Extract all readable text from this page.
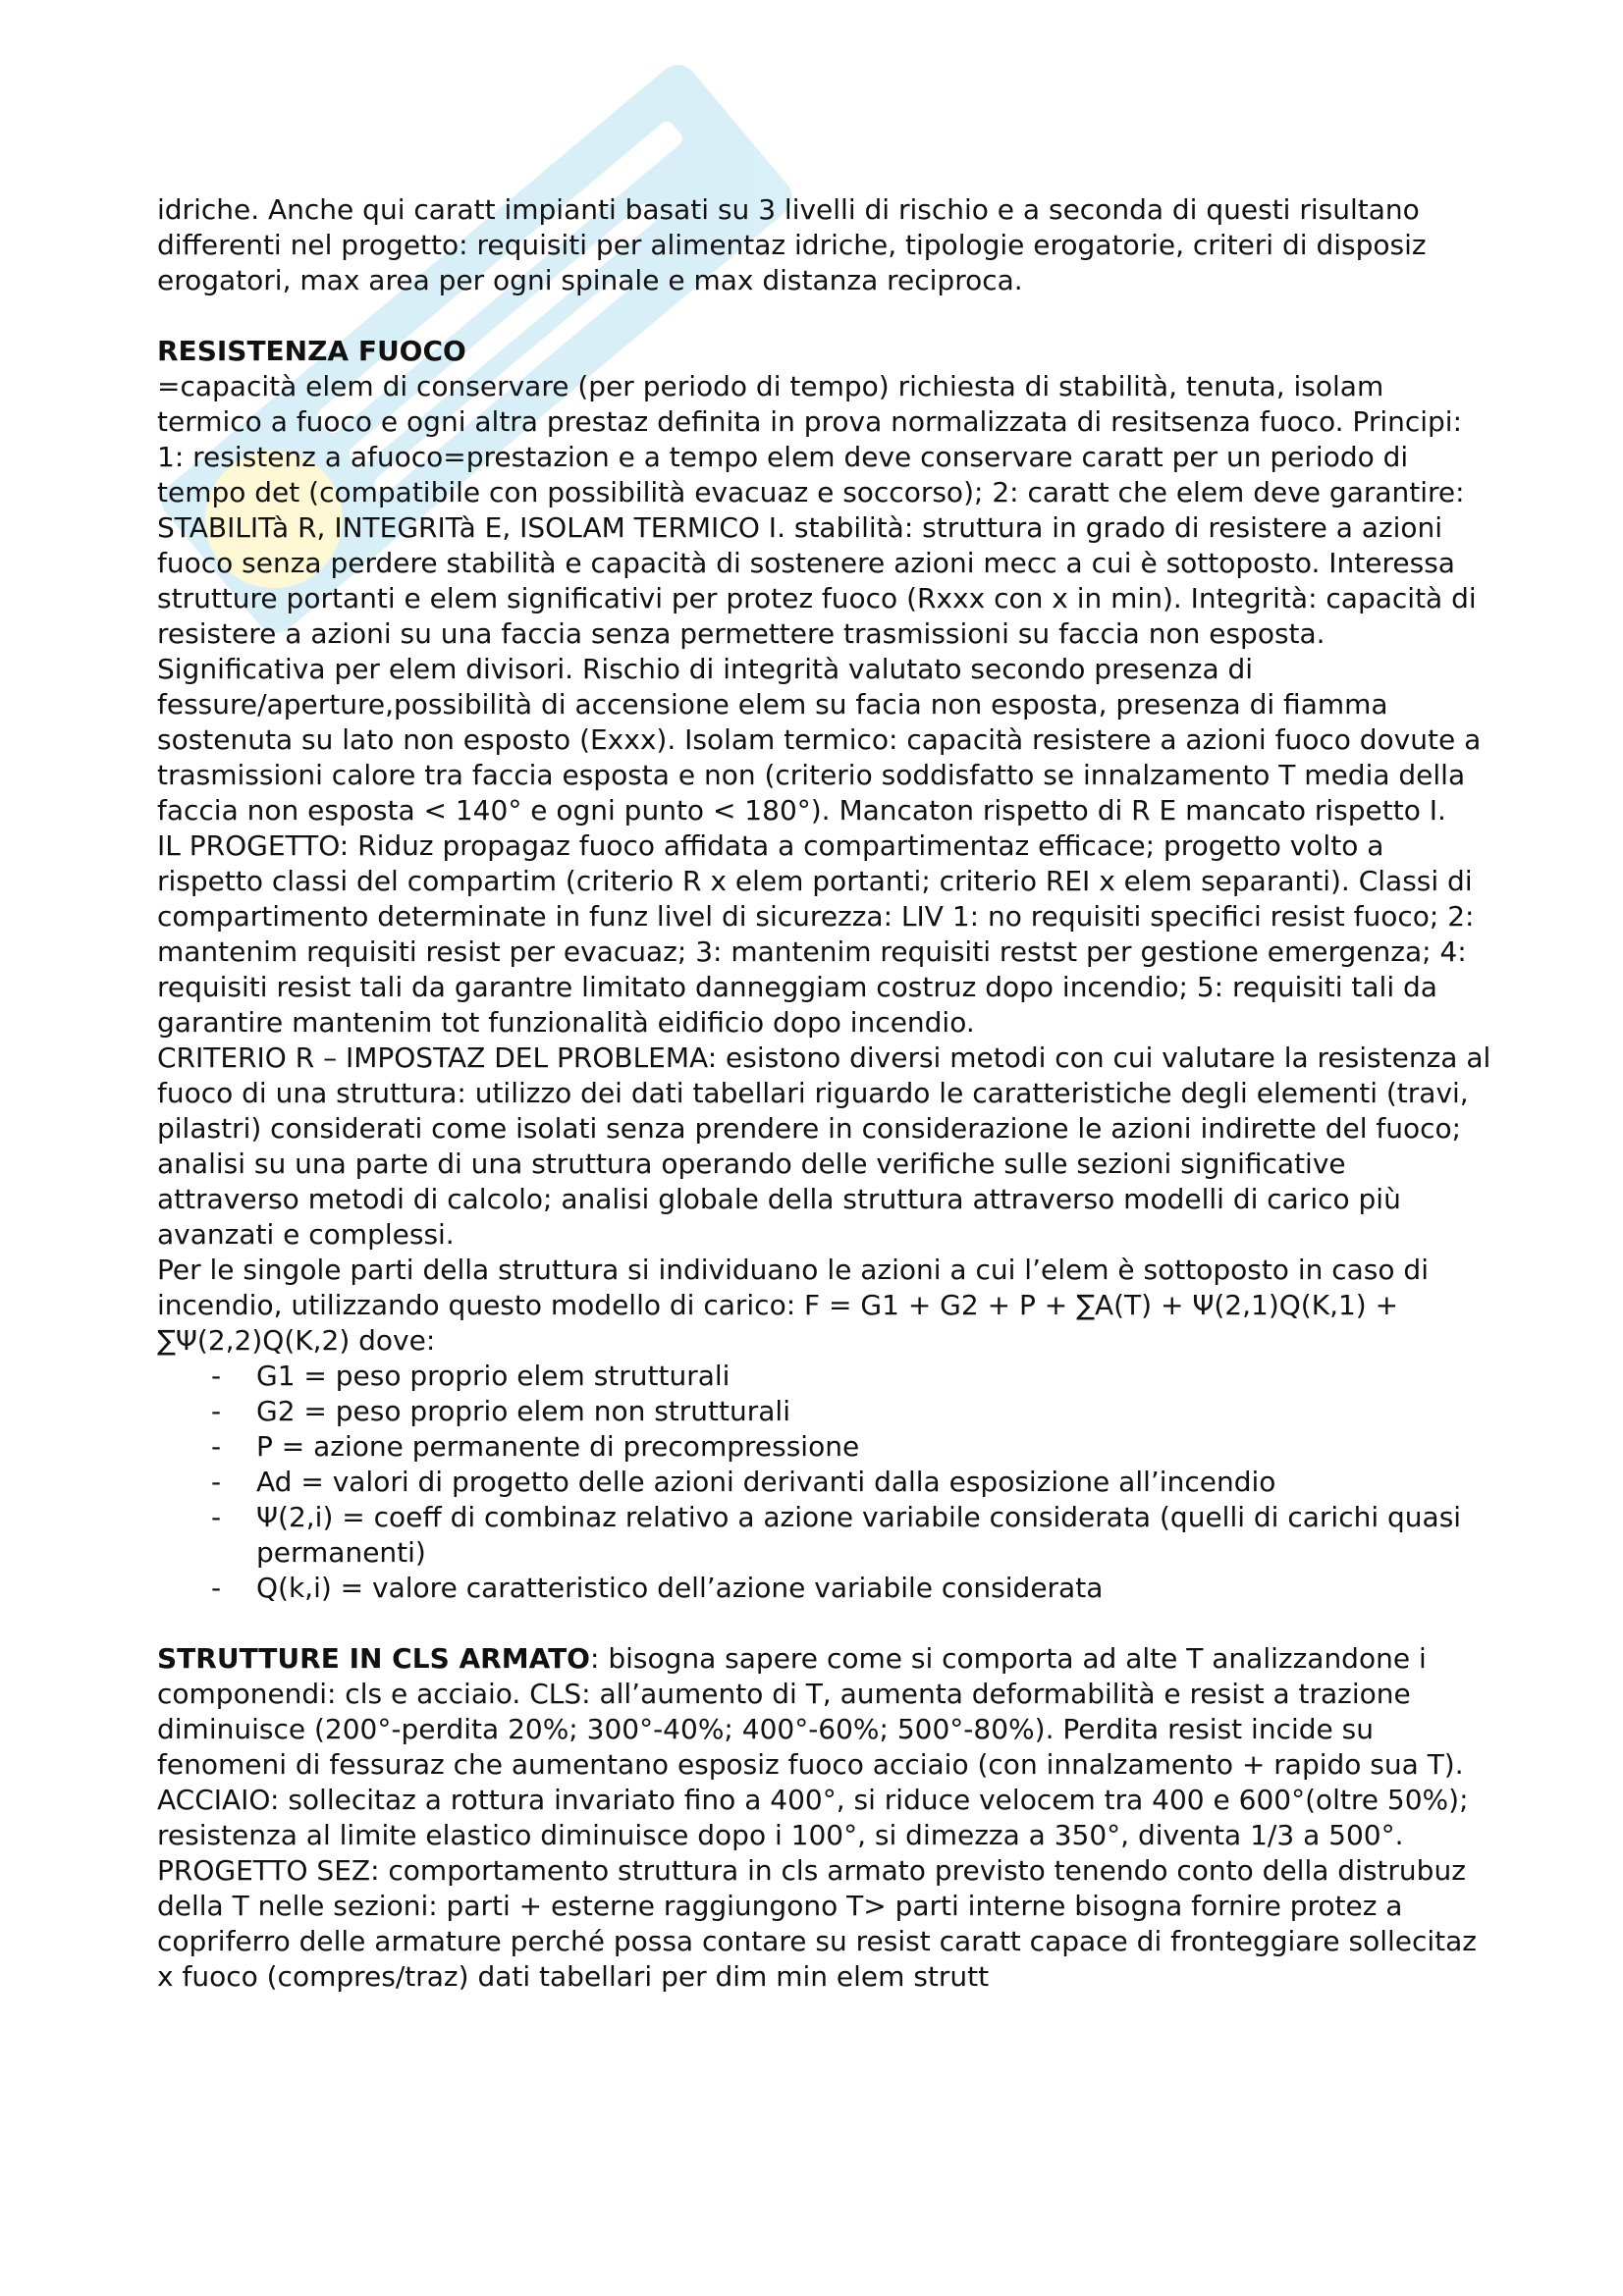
idriche. Anche qui caratt impianti basati su 3 livelli di rischio e a seconda di questi risultano differenti nel progetto: requisiti per alimentaz idriche, tipologie erogatorie, criteri di disposiz erogatori, max area per ogni spinale e max distanza reciproca.

RESISTENZA FUOCO

=capacità elem di conservare (per periodo di tempo) richiesta di stabilità, tenuta, isolam termico a fuoco e ogni altra prestaz definita in prova normalizzata di resitsenza fuoco. Principi: 1: resistenz a afuoco=prestazion e a tempo elem deve conservare caratt per un periodo di tempo det (compatibile con possibilità evacuaz e soccorso); 2: caratt che elem deve garantire: STABILITà R, INTEGRITà E, ISOLAM TERMICO I. stabilità: struttura in grado di resistere a azioni fuoco senza perdere stabilità e capacità di sostenere azioni mecc a cui è sottoposto. Interessa strutture portanti e elem significativi per protez fuoco (Rxxx con x in min). Integrità: capacità di resistere a azioni su una faccia senza permettere trasmissioni su faccia non esposta. Significativa per elem divisori. Rischio di integrità valutato secondo presenza di fessure/aperture,possibilità di accensione elem su facia non esposta, presenza di fiamma sostenuta su lato non esposto (Exxx). Isolam termico: capacità resistere a azioni fuoco dovute a trasmissioni calore tra faccia esposta e non (criterio soddisfatto se innalzamento T media della faccia non esposta < 140° e ogni punto < 180°). Mancaton rispetto di R E mancato rispetto I.

IL PROGETTO: Riduz propagaz fuoco affidata a compartimentaz efficace; progetto volto a rispetto classi del compartim (criterio R x elem portanti; criterio REI x elem separanti). Classi di compartimento determinate in funz livel di sicurezza: LIV 1: no requisiti specifici resist fuoco; 2: mantenim requisiti resist per evacuaz; 3: mantenim requisiti restst per gestione emergenza; 4: requisiti resist tali da garantre limitato danneggiam costruz dopo incendio; 5: requisiti tali da garantire mantenim tot funzionalità eidificio dopo incendio.

CRITERIO R – IMPOSTAZ DEL PROBLEMA: esistono diversi metodi con cui valutare la resistenza al fuoco di una struttura: utilizzo dei dati tabellari riguardo le caratteristiche degli elementi (travi, pilastri) considerati come isolati senza prendere in considerazione le azioni indirette del fuoco; analisi su una parte di una struttura operando delle verifiche sulle sezioni significative attraverso metodi di calcolo; analisi globale della struttura attraverso modelli di carico più avanzati e complessi.

Per le singole parti della struttura si individuano le azioni a cui l’elem è sottoposto in caso di incendio, utilizzando questo modello di carico: F = G1 + G2 + P + ∑A(T) + Ψ(2,1)Q(K,1) + ∑Ψ(2,2)Q(K,2) dove:

- G1 = peso proprio elem strutturali
- G2 = peso proprio elem non strutturali
- P = azione permanente di precompressione
- Ad = valori di progetto delle azioni derivanti dalla esposizione all’incendio
- Ψ(2,i) = coeff di combinaz relativo a azione variabile considerata (quelli di carichi quasi permanenti)
- Q(k,i) = valore caratteristico dell’azione variabile considerata

STRUTTURE IN CLS ARMATO: bisogna sapere come si comporta ad alte T analizzandone i componendi: cls e acciaio. CLS: all’aumento di T, aumenta deformabilità e resist a trazione diminuisce (200°-perdita 20%; 300°-40%; 400°-60%; 500°-80%). Perdita resist incide su fenomeni di fessuraz che aumentano esposiz fuoco acciaio (con innalzamento + rapido sua T). ACCIAIO: sollecitaz a rottura invariato fino a 400°, si riduce velocem tra 400 e 600°(oltre 50%); resistenza al limite elastico diminuisce dopo i 100°, si dimezza a 350°, diventa 1/3 a 500°.

PROGETTO SEZ: comportamento struttura in cls armato previsto tenendo conto della distrubuz della T nelle sezioni: parti + esterne raggiungono T> parti interne bisogna fornire protez a copriferro delle armature perché possa contare su resist caratt capace di fronteggiare sollecitaz x fuoco (compres/traz) dati tabellari per dim min elem strutt
